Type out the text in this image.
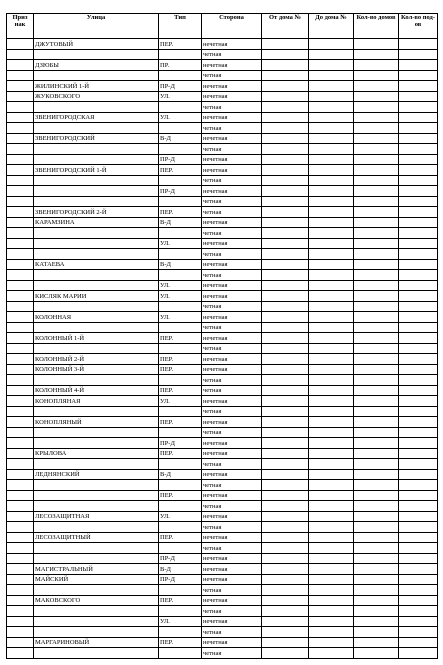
Приз нак	Улица	Тип	Сторона	От дома №	До дома №	Кол-во домов	Кол-во под-ов
	ДЖУТОВЫЙ	ПЕР.	нечетная				
			четная				
	ДЗЮБЫ	ПР.	нечетная				
			четная				
	ЖИЛИНСКИЙ 1-Й	ПР-Д	нечетная				
	ЖУКОВСКОГО	УЛ.	нечетная				
			четная				
	ЗВЕНИГОРОДСКАЯ	УЛ.	нечетная				
			четная				
	ЗВЕНИГОРОДСКИЙ	В-Д	нечетная				
			четная				
		ПР-Д	нечетная				
	ЗВЕНИГОРОДСКИЙ 1-Й	ПЕР.	нечетная				
			четная				
		ПР-Д	нечетная				
			четная				
	ЗВЕНИГОРОДСКИЙ 2-Й	ПЕР.	четная				
	КАРАМЗИНА	В-Д	нечетная				
			четная				
		УЛ.	нечетная				
			четная				
	КАТАЕВА	В-Д	нечетная				
			четная				
		УЛ.	нечетная				
	КИСЛЯК МАРИИ	УЛ.	нечетная				
			четная				
	КОЛОННАЯ	УЛ.	нечетная				
			четная				
	КОЛОННЫЙ 1-Й	ПЕР.	нечетная				
			четная				
	КОЛОННЫЙ 2-Й	ПЕР.	нечетная				
	КОЛОННЫЙ 3-Й	ПЕР.	нечетная				
			четная				
	КОЛОННЫЙ 4-Й	ПЕР.	четная				
	КОНОПЛЯНАЯ	УЛ.	нечетная				
			четная				
	КОНОПЛЯНЫЙ	ПЕР.	нечетная				
			четная				
		ПР-Д	нечетная				
	КРЫЛОВА	ПЕР.	нечетная				
			четная				
	ЛЕДНЯНСКИЙ	В-Д	нечетная				
			четная				
		ПЕР.	нечетная				
			четная				
	ЛЕСОЗАЩИТНАЯ	УЛ.	нечетная				
			четная				
	ЛЕСОЗАЩИТНЫЙ	ПЕР.	нечетная				
			четная				
		ПР-Д	нечетная				
	МАГИСТРАЛЬНЫЙ	В-Д	нечетная				
	МАЙСКИЙ	ПР-Д	нечетная				
			четная				
	МАКОВСКОГО	ПЕР.	нечетная				
			четная				
		УЛ.	нечетная				
			четная				
	МАРГАРИНОВЫЙ	ПЕР.	нечетная				
			четная				
